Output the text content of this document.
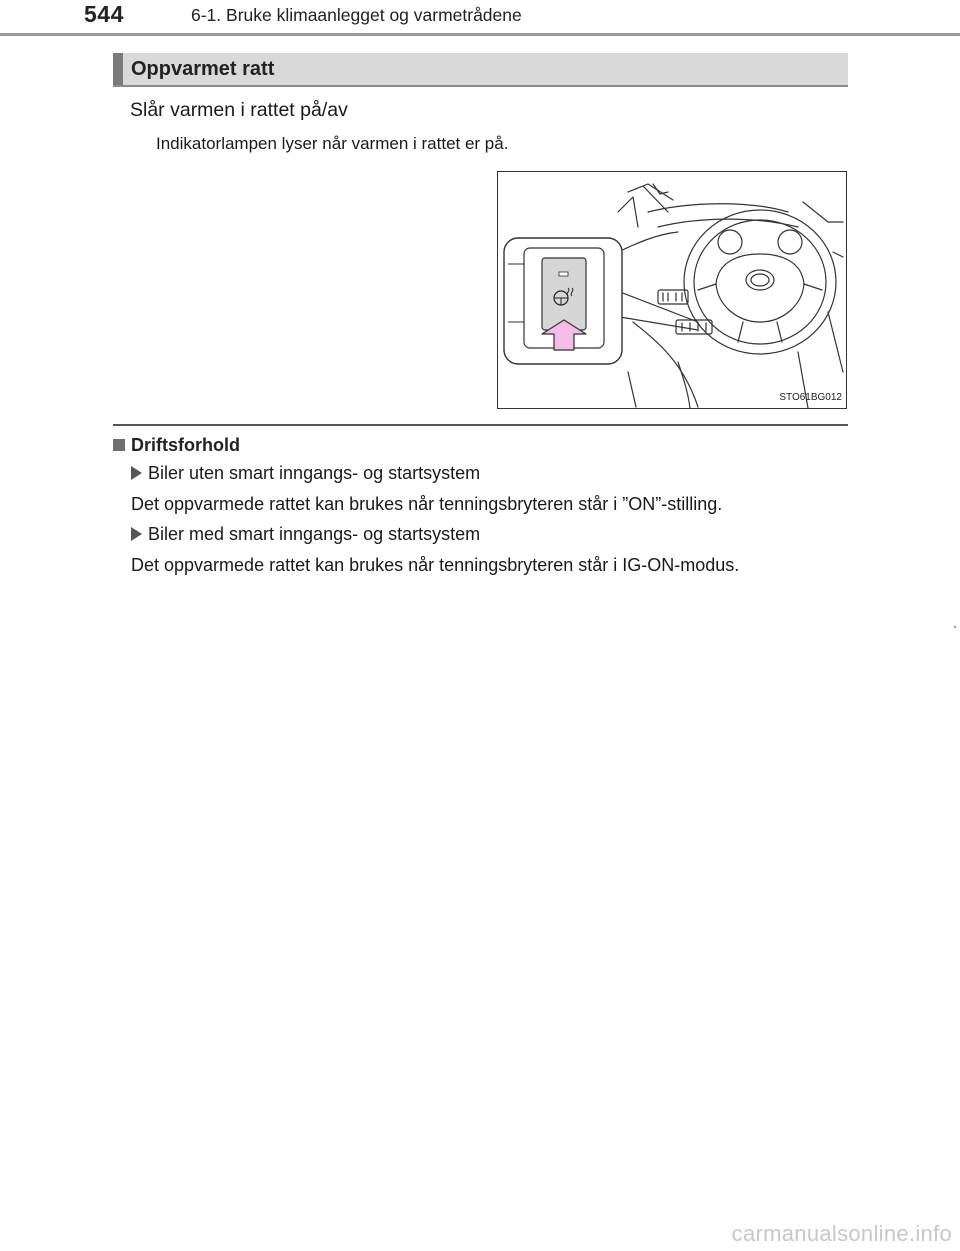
544	6-1. Bruke klimaanlegget og varmetrådene
Oppvarmet ratt
Slår varmen i rattet på/av
Indikatorlampen lyser når varmen i rattet er på.
STO61BG012
Driftsforhold
Biler uten smart inngangs- og startsystem
Det oppvarmede rattet kan brukes når tenningsbryteren står i ”ON”-stilling.
Biler med smart inngangs- og startsystem
Det oppvarmede rattet kan brukes når tenningsbryteren står i IG-ON-modus.
carmanualsonline.info
